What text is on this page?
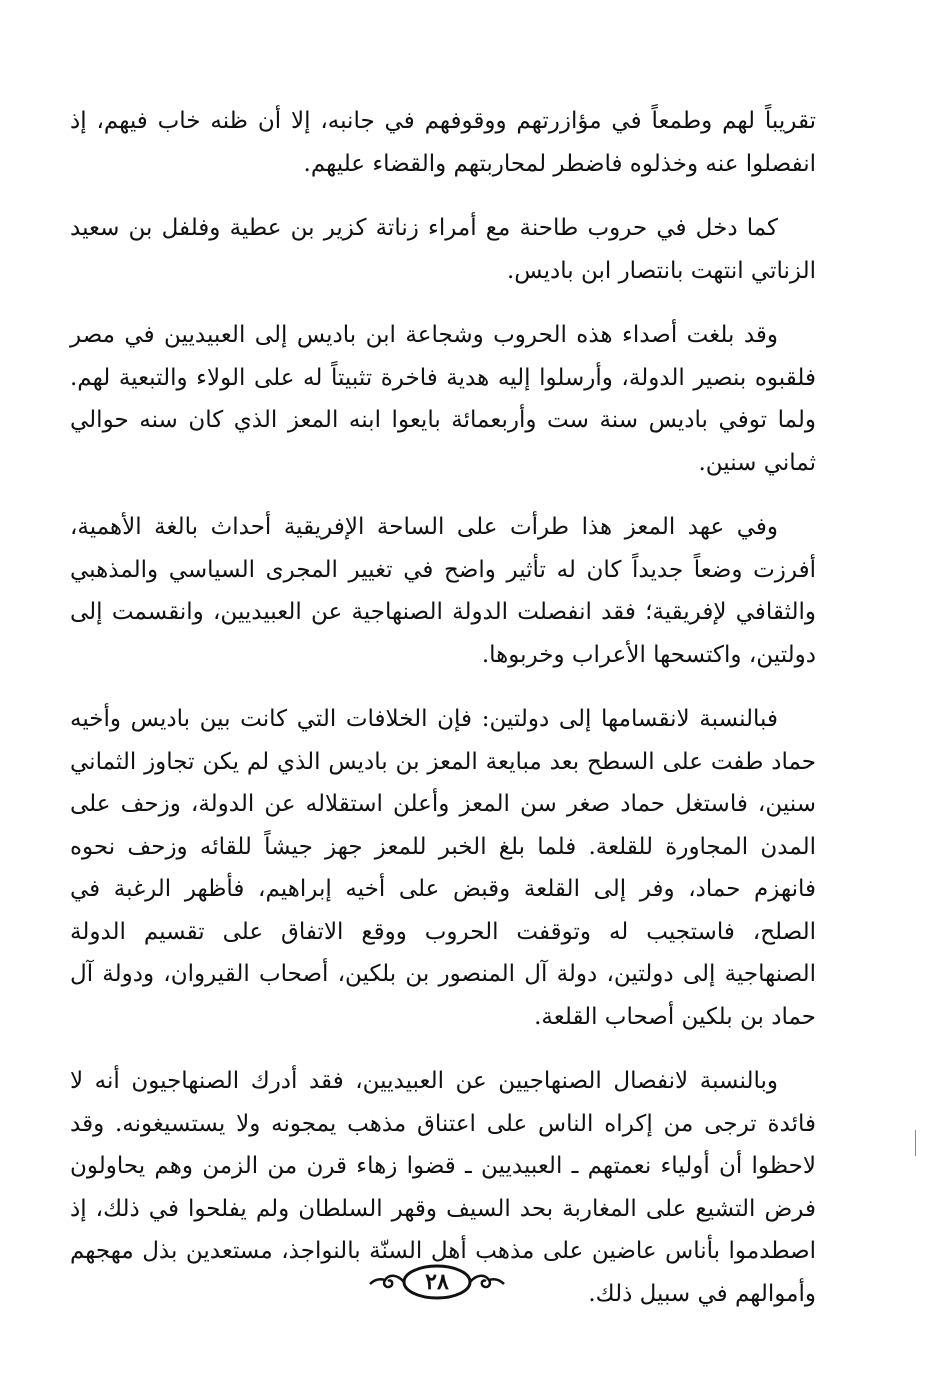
تقريباً لهم وطمعاً في مؤازرتهم ووقوفهم في جانبه، إلا أن ظنه خاب فيهم، إذ انفصلوا عنه وخذلوه فاضطر لمحاربتهم والقضاء عليهم.

كما دخل في حروب طاحنة مع أمراء زناتة كزير بن عطية وفلفل بن سعيد الزناتي انتهت بانتصار ابن باديس.

وقد بلغت أصداء هذه الحروب وشجاعة ابن باديس إلى العبيديين في مصر فلقبوه بنصير الدولة، وأرسلوا إليه هدية فاخرة تثبيتاً له على الولاء والتبعية لهم. ولما توفي باديس سنة ست وأربعمائة بايعوا ابنه المعز الذي كان سنه حوالي ثماني سنين.

وفي عهد المعز هذا طرأت على الساحة الإفريقية أحداث بالغة الأهمية، أفرزت وضعاً جديداً كان له تأثير واضح في تغيير المجرى السياسي والمذهبي والثقافي لإفريقية؛ فقد انفصلت الدولة الصنهاجية عن العبيديين، وانقسمت إلى دولتين، واكتسحها الأعراب وخربوها.

فبالنسبة لانقسامها إلى دولتين: فإن الخلافات التي كانت بين باديس وأخيه حماد طفت على السطح بعد مبايعة المعز بن باديس الذي لم يكن تجاوز الثماني سنين، فاستغل حماد صغر سن المعز وأعلن استقلاله عن الدولة، وزحف على المدن المجاورة للقلعة. فلما بلغ الخبر للمعز جهز جيشاً للقائه وزحف نحوه فانهزم حماد، وفر إلى القلعة وقبض على أخيه إبراهيم، فأظهر الرغبة في الصلح، فاستجيب له وتوقفت الحروب ووقع الاتفاق على تقسيم الدولة الصنهاجية إلى دولتين، دولة آل المنصور بن بلكين، أصحاب القيروان، ودولة آل حماد بن بلكين أصحاب القلعة.

وبالنسبة لانفصال الصنهاجيين عن العبيديين، فقد أدرك الصنهاجيون أنه لا فائدة ترجى من إكراه الناس على اعتناق مذهب يمجونه ولا يستسيغونه. وقد لاحظوا أن أولياء نعمتهم ـ العبيديين ـ قضوا زهاء قرن من الزمن وهم يحاولون فرض التشيع على المغاربة بحد السيف وقهر السلطان ولم يفلحوا في ذلك، إذ اصطدموا بأناس عاضين على مذهب أهل السنّة بالنواجذ، مستعدين بذل مهجهم وأموالهم في سبيل ذلك.

٢٨
